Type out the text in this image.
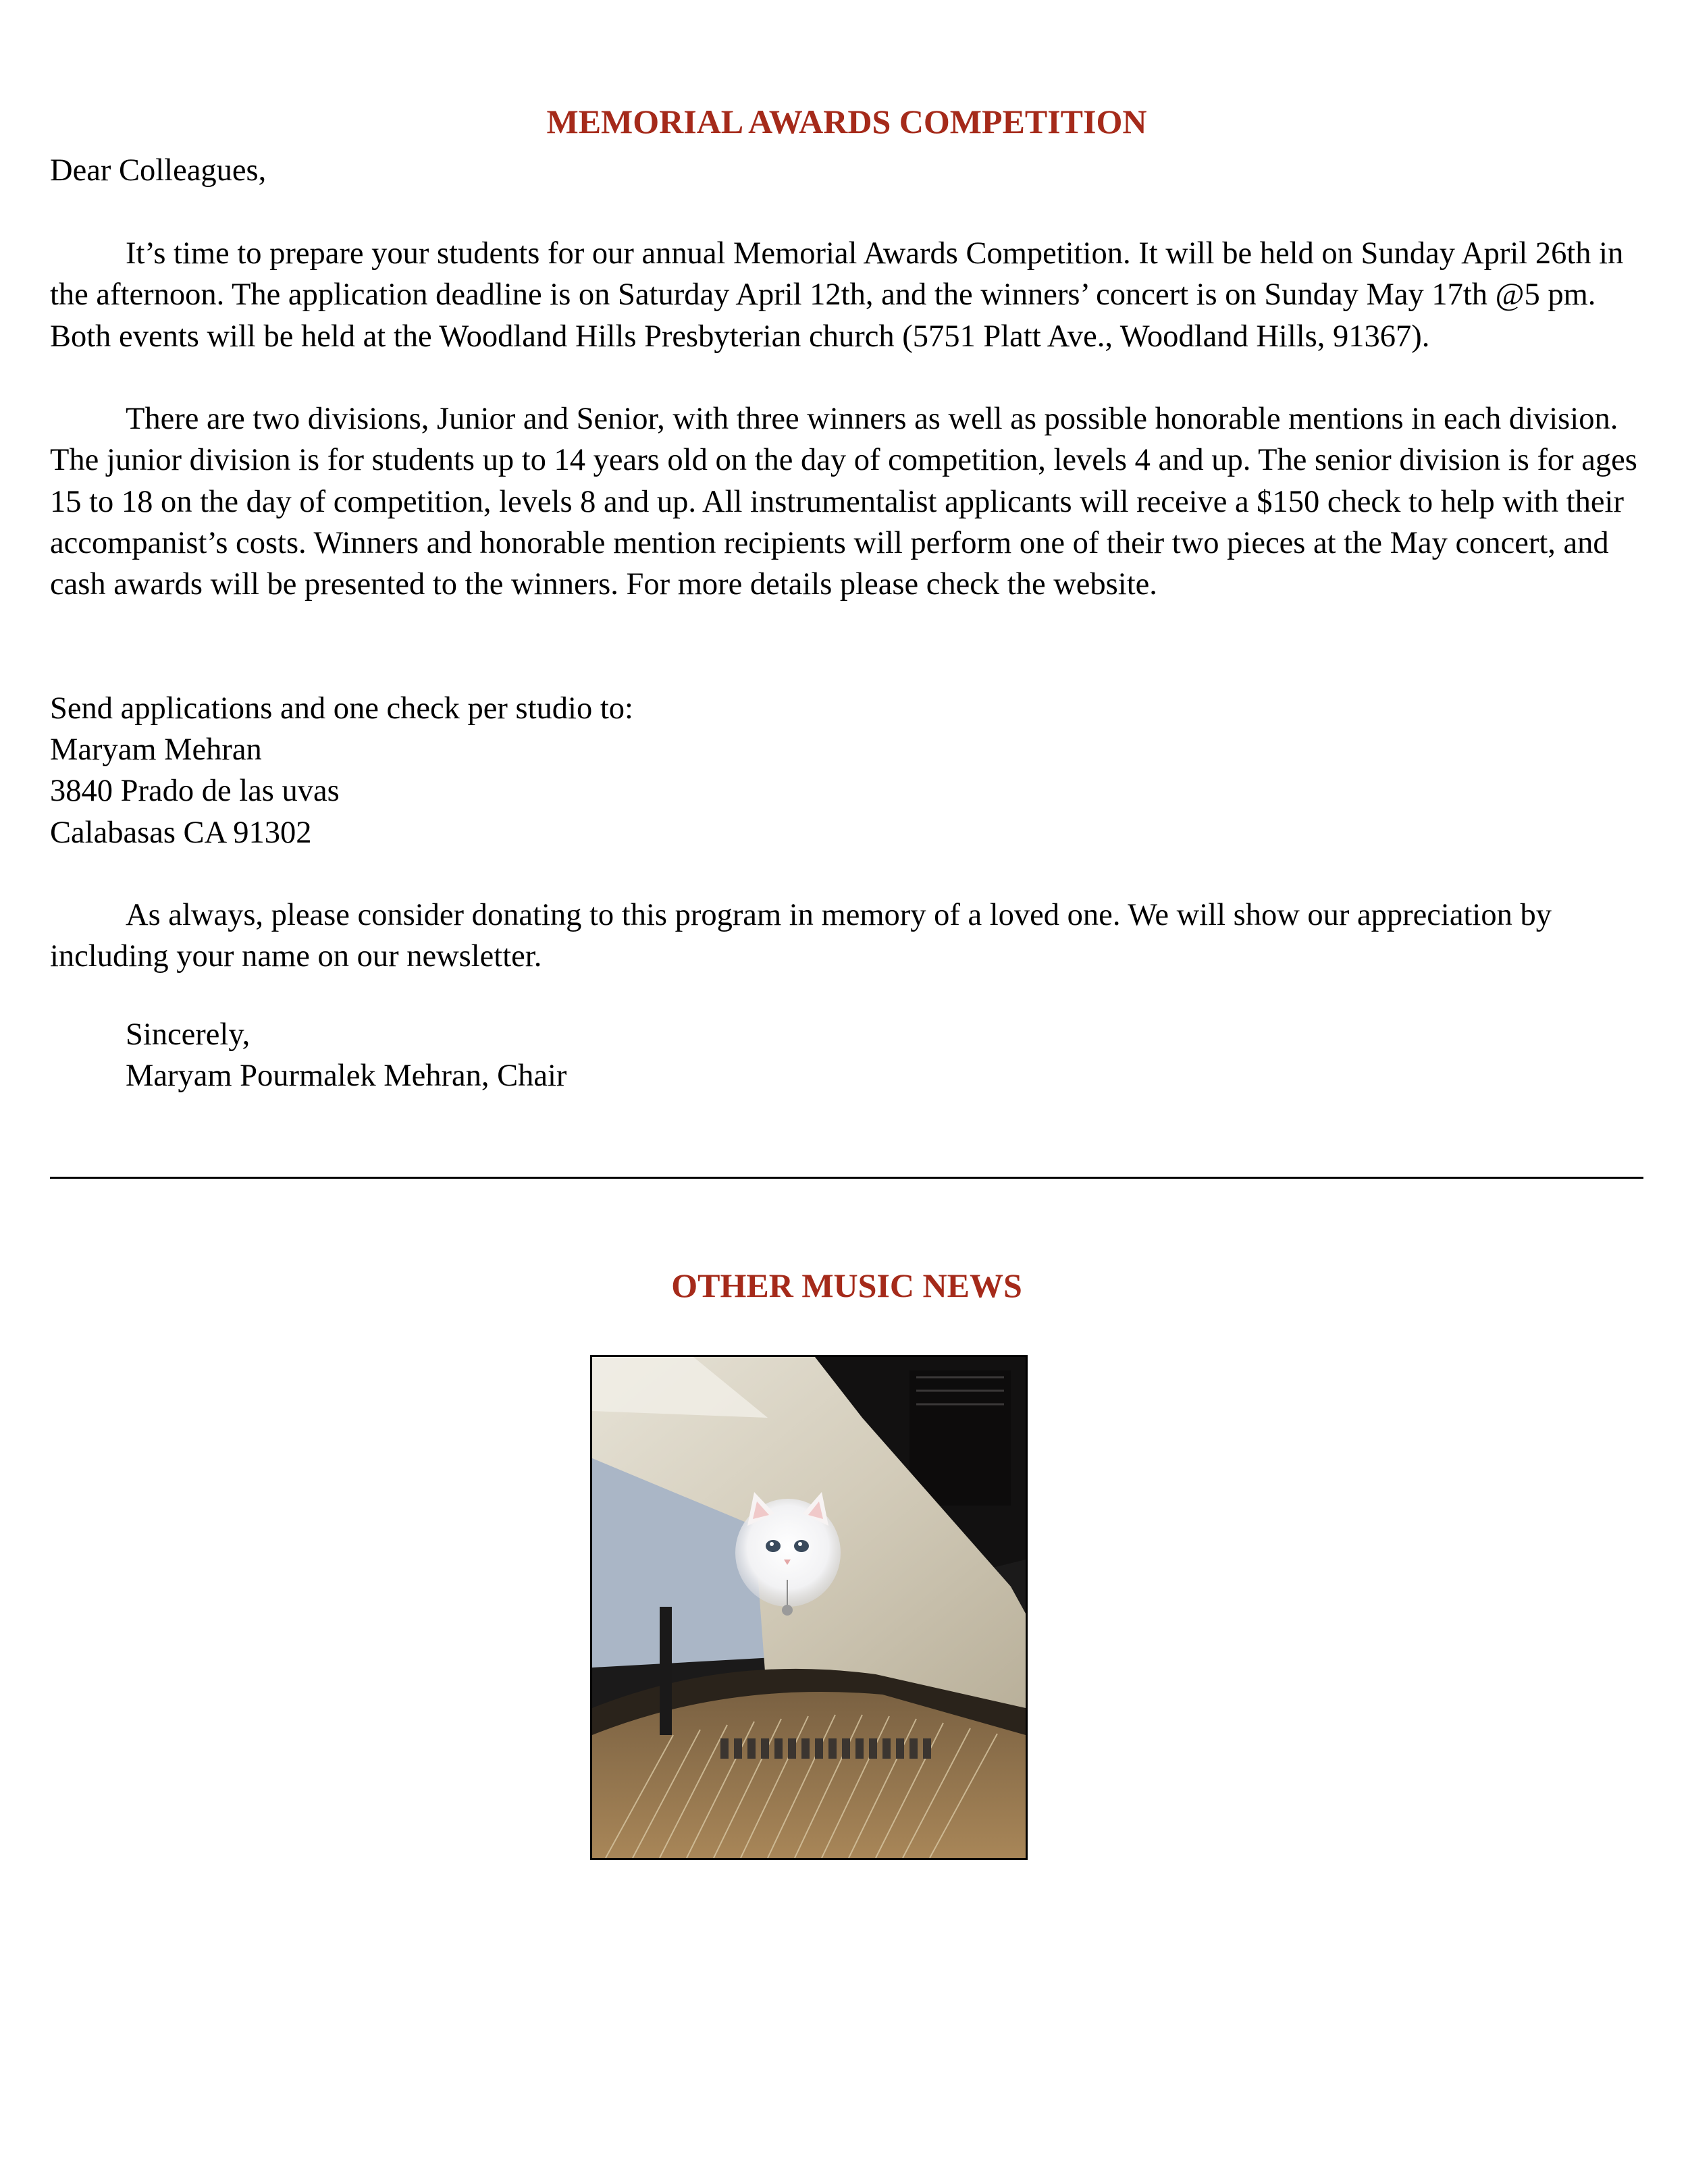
MEMORIAL AWARDS COMPETITION

Dear Colleagues,

It’s time to prepare your students for our annual Memorial Awards Competition. It will be held on Sunday April 26th in the afternoon. The application deadline is on Saturday April 12th, and the winners’ concert is on Sunday May 17th @5 pm. Both events will be held at the Woodland Hills Presbyterian church (5751 Platt Ave., Woodland Hills, 91367).

There are two divisions, Junior and Senior, with three winners as well as possible honorable mentions in each division. The junior division is for students up to 14 years old on the day of competition, levels 4 and up. The senior division is for ages 15 to 18 on the day of competition, levels 8 and up. All instrumentalist applicants will receive a $150 check to help with their accompanist’s costs. Winners and honorable mention recipients will perform one of their two pieces at the May concert, and cash awards will be presented to the winners. For more details please check the website.

Send applications and one check per studio to:

Maryam Mehran

3840 Prado de las uvas

Calabasas CA 91302

As always, please consider donating to this program in memory of a loved one. We will show our appreciation by including your name on our newsletter.

Sincerely,
Maryam Pourmalek Mehran, Chair
OTHER MUSIC NEWS
